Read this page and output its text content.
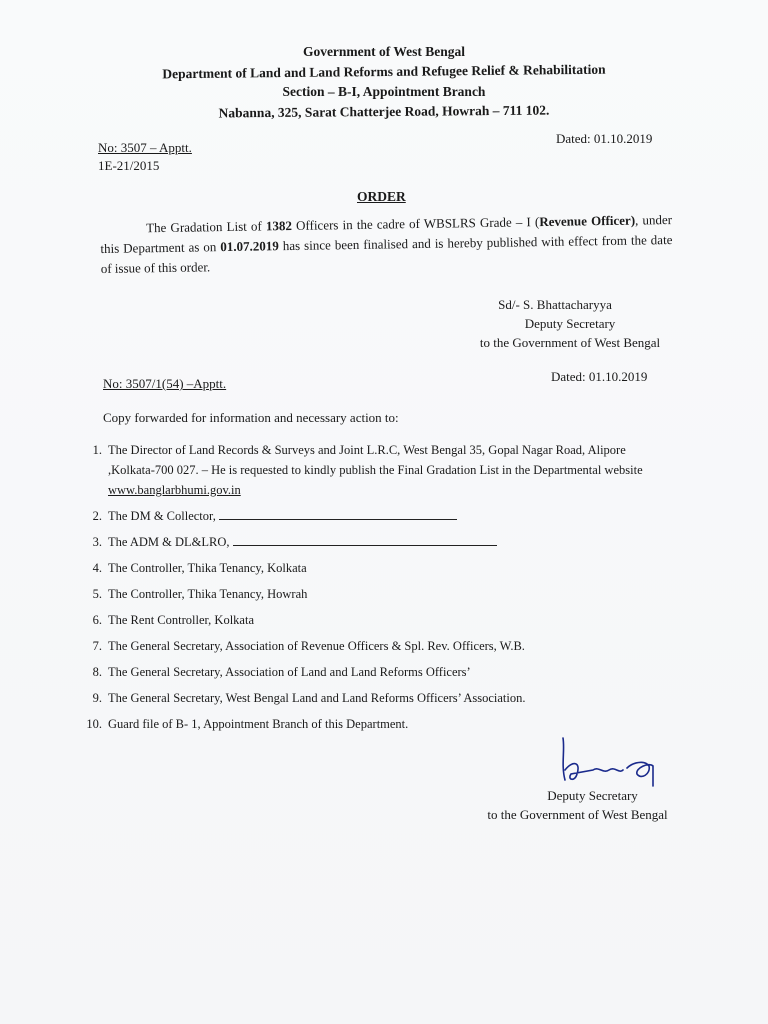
Government of West Bengal
Department of Land and Land Reforms and Refugee Relief & Rehabilitation
Section – B-I, Appointment Branch
Nabanna, 325, Sarat Chatterjee Road, Howrah – 711 102.
No: 3507 – Apptt.
1E-21/2015
Dated: 01.10.2019
ORDER
The Gradation List of 1382 Officers in the cadre of WBSLRS Grade – I (Revenue Officer), under this Department as on 01.07.2019 has since been finalised and is hereby published with effect from the date of issue of this order.
Sd/- S. Bhattacharyya
Deputy Secretary
to the Government of West Bengal
No: 3507/1(54) –Apptt.	Dated: 01.10.2019
Copy forwarded for information and necessary action to:
1. The Director of Land Records & Surveys and Joint L.R.C, West Bengal 35, Gopal Nagar Road, Alipore ,Kolkata-700 027. – He is requested to kindly publish the Final Gradation List in the Departmental website www.banglarbhumi.gov.in
2. The DM & Collector,
3. The ADM & DL&LRO,
4. The Controller, Thika Tenancy, Kolkata
5. The Controller, Thika Tenancy, Howrah
6. The Rent Controller, Kolkata
7. The General Secretary, Association of Revenue Officers & Spl. Rev. Officers, W.B.
8. The General Secretary, Association of Land and Land Reforms Officers’
9. The General Secretary, West Bengal Land and Land Reforms Officers’ Association.
10. Guard file of B- 1, Appointment Branch of this Department.
Deputy Secretary
to the Government of West Bengal
